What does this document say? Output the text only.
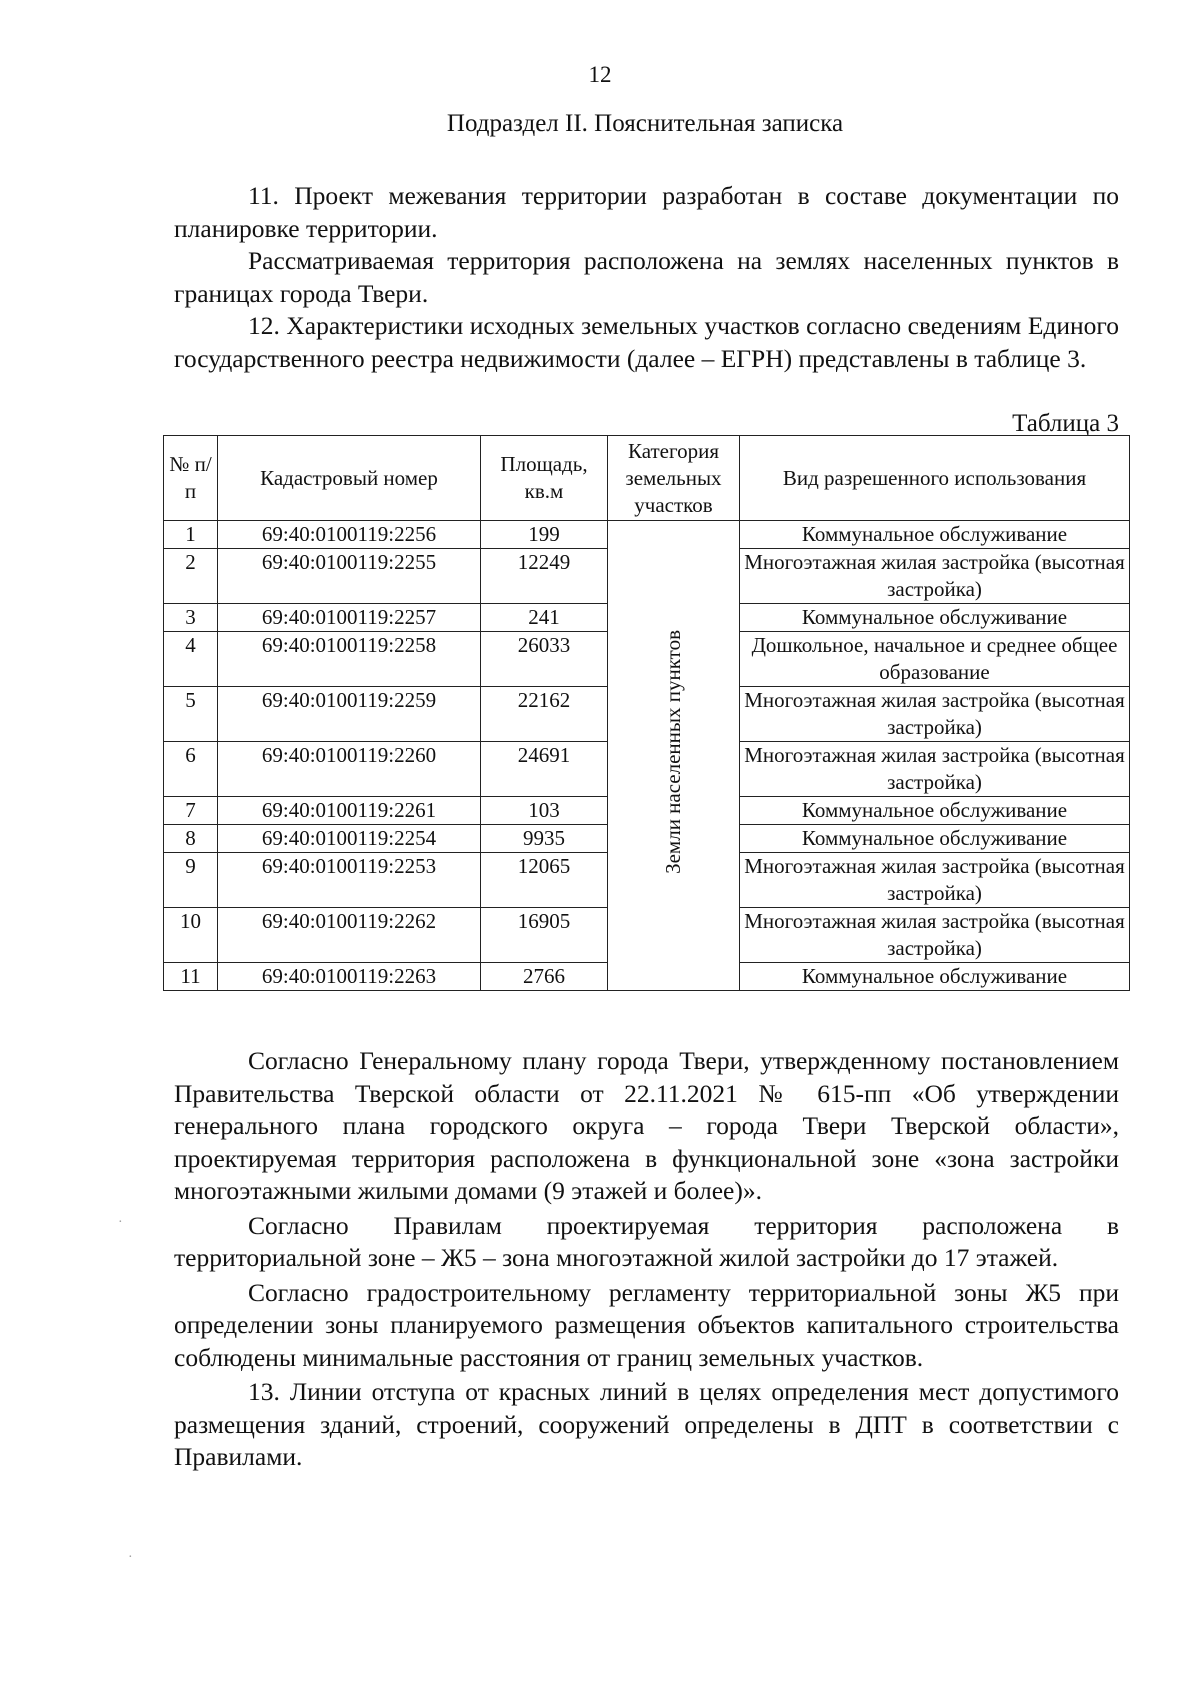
12
Подраздел II. Пояснительная записка

11. Проект межевания территории разработан в составе документации по планировке территории.

Рассматриваемая территория расположена на землях населенных пунктов в границах города Твери.

12. Характеристики исходных земельных участков согласно сведениям Единого государственного реестра недвижимости (далее – ЕГРН) представлены в таблице 3.

Таблица 3
№ п/п	Кадастровый номер	Площадь, кв.м	Категория земельных участков	Вид разрешенного использования
1	69:40:0100119:2256	199	Земли населенных пунктов	Коммунальное обслуживание
2	69:40:0100119:2255	12249		Многоэтажная жилая застройка (высотная застройка)
3	69:40:0100119:2257	241		Коммунальное обслуживание
4	69:40:0100119:2258	26033		Дошкольное, начальное и среднее общее образование
5	69:40:0100119:2259	22162		Многоэтажная жилая застройка (высотная застройка)
6	69:40:0100119:2260	24691		Многоэтажная жилая застройка (высотная застройка)
7	69:40:0100119:2261	103		Коммунальное обслуживание
8	69:40:0100119:2254	9935		Коммунальное обслуживание
9	69:40:0100119:2253	12065		Многоэтажная жилая застройка (высотная застройка)
10	69:40:0100119:2262	16905		Многоэтажная жилая застройка (высотная застройка)
11	69:40:0100119:2263	2766		Коммунальное обслуживание

Согласно Генеральному плану города Твери, утвержденному постановлением Правительства Тверской области от 22.11.2021 № 615-пп «Об утверждении генерального плана городского округа – города Твери Тверской области», проектируемая территория расположена в функциональной зоне «зона застройки многоэтажными жилыми домами (9 этажей и более)».

Согласно Правилам проектируемая территория расположена в территориальной зоне – Ж5 – зона многоэтажной жилой застройки до 17 этажей.

Согласно градостроительному регламенту территориальной зоны Ж5 при определении зоны планируемого размещения объектов капитального строительства соблюдены минимальные расстояния от границ земельных участков.

13. Линии отступа от красных линий в целях определения мест допустимого размещения зданий, строений, сооружений определены в ДПТ в соответствии с Правилами.

·
·
